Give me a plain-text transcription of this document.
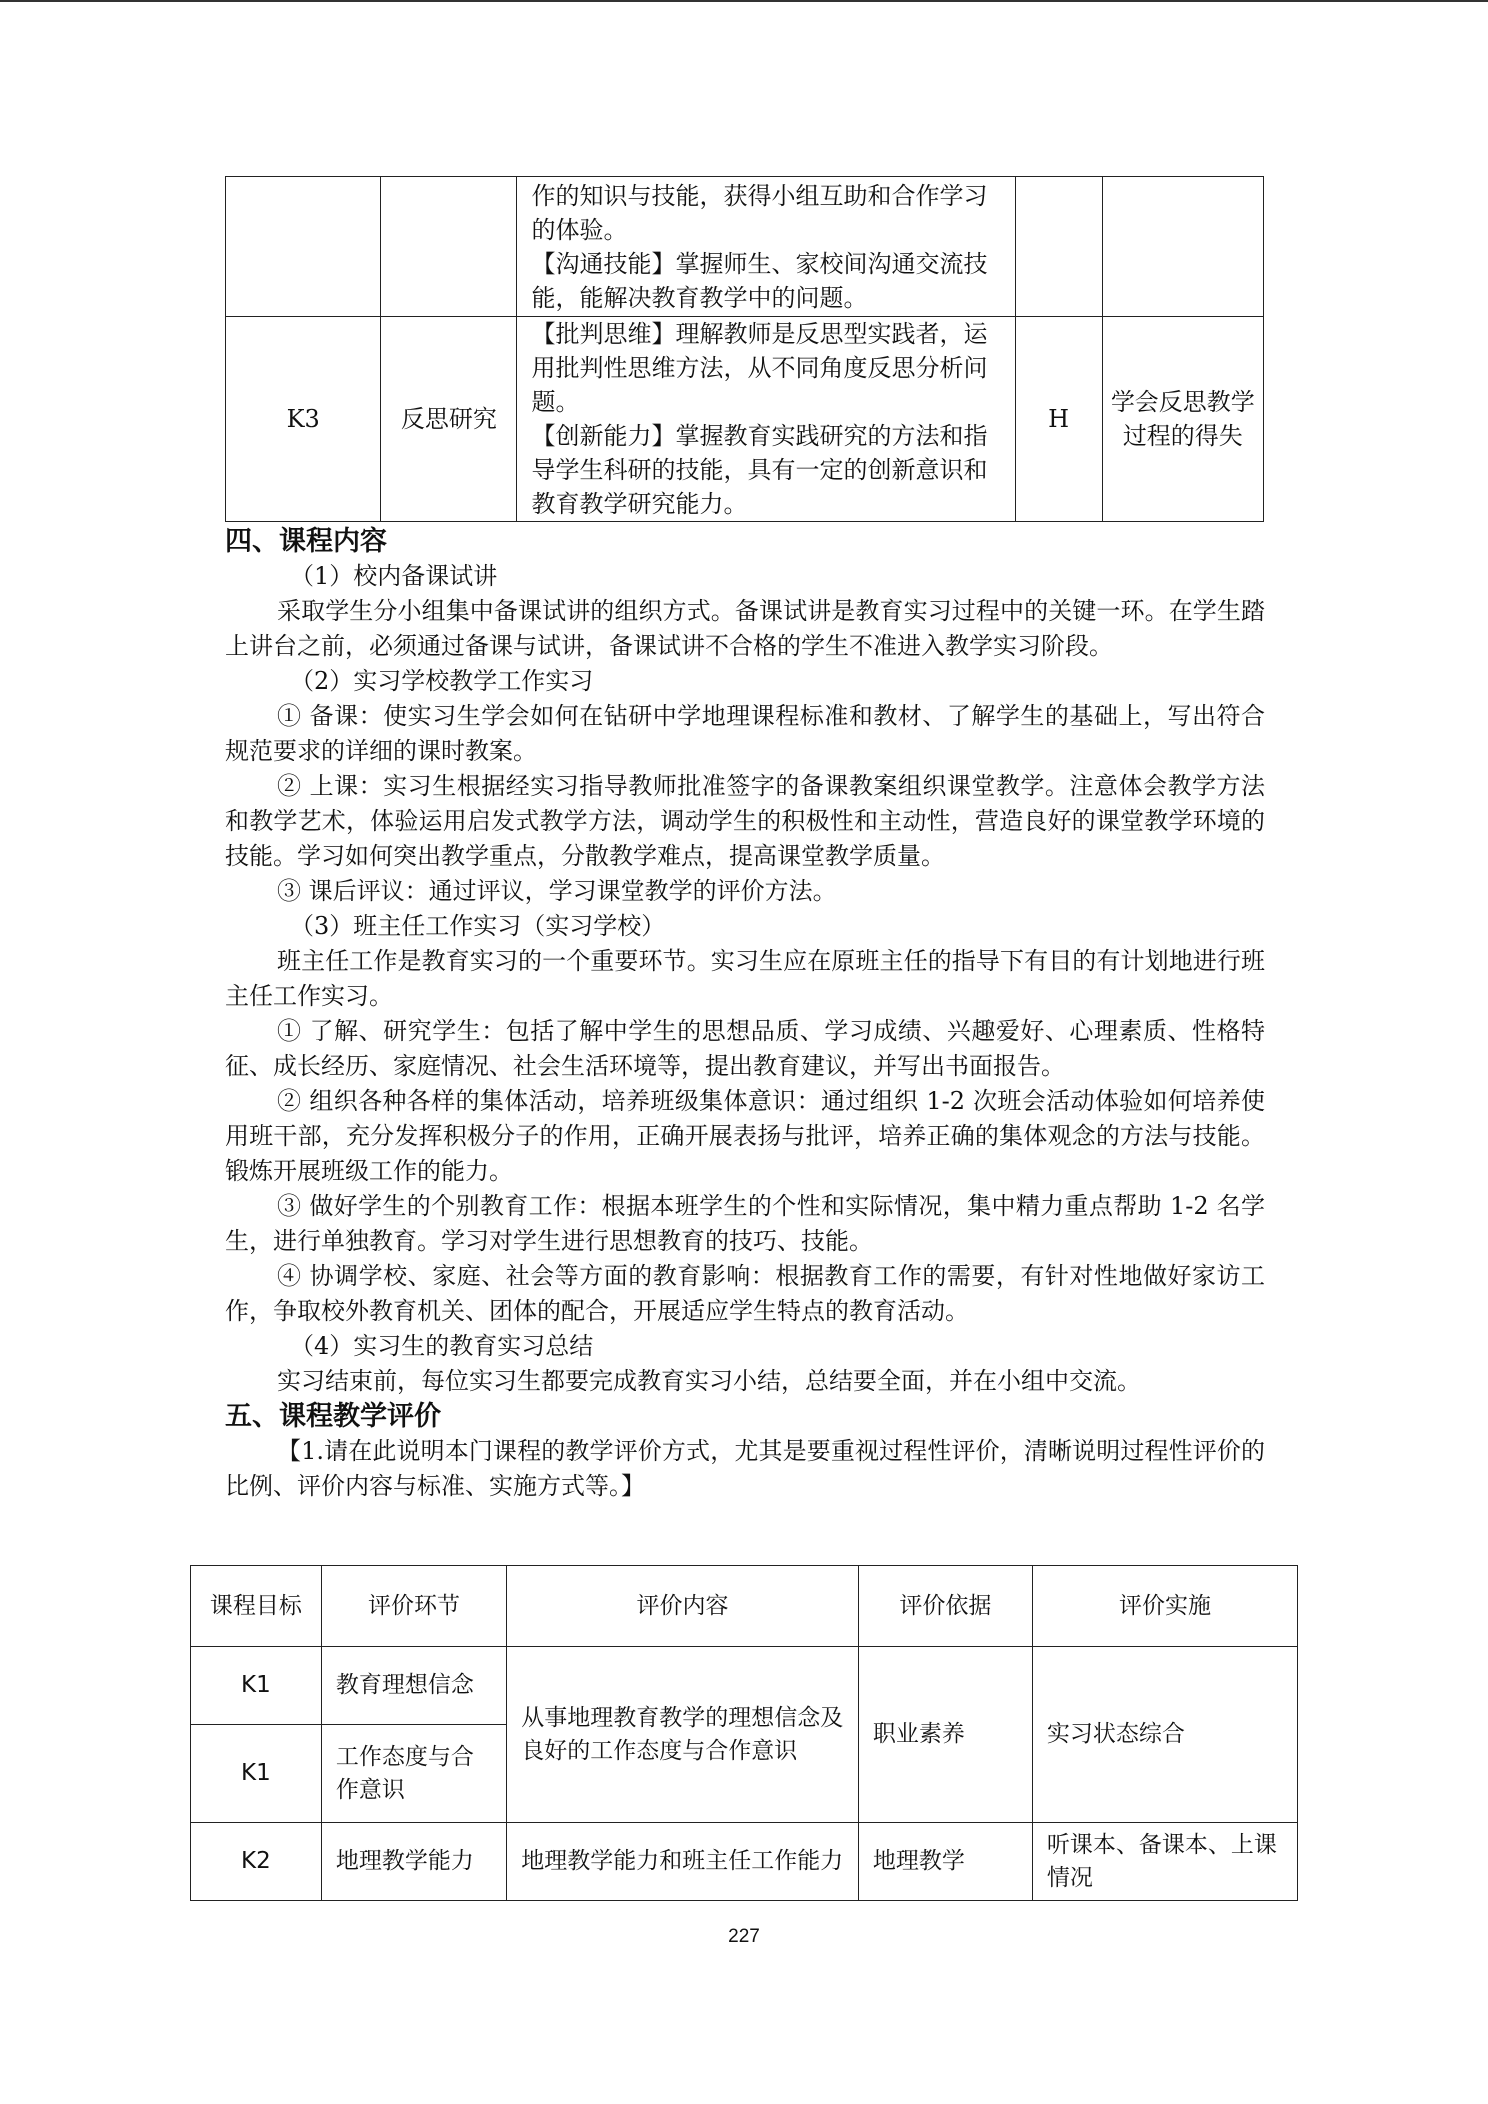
		作的知识与技能，获得小组互助和合作学习的体验。

【沟通技能】掌握师生、家校间沟通交流技能，能解决教育教学中的问题。		

K3	反思研究	【批判思维】理解教师是反思型实践者，运用批判性思维方法，从不同角度反思分析问题。

【创新能力】掌握教育实践研究的方法和指导学生科研的技能，具有一定的创新意识和教育教学研究能力。	H	学会反思教学过程的得失

四、课程内容

（1）校内备课试讲

采取学生分小组集中备课试讲的组织方式。备课试讲是教育实习过程中的关键一环。在学生踏上讲台之前，必须通过备课与试讲，备课试讲不合格的学生不准进入教学实习阶段。

（2）实习学校教学工作实习

① 备课：使实习生学会如何在钻研中学地理课程标准和教材、了解学生的基础上，写出符合规范要求的详细的课时教案。

② 上课：实习生根据经实习指导教师批准签字的备课教案组织课堂教学。注意体会教学方法和教学艺术，体验运用启发式教学方法，调动学生的积极性和主动性，营造良好的课堂教学环境的技能。学习如何突出教学重点，分散教学难点，提高课堂教学质量。

③ 课后评议：通过评议，学习课堂教学的评价方法。

（3）班主任工作实习（实习学校）

班主任工作是教育实习的一个重要环节。实习生应在原班主任的指导下有目的有计划地进行班主任工作实习。

① 了解、研究学生：包括了解中学生的思想品质、学习成绩、兴趣爱好、心理素质、性格特征、成长经历、家庭情况、社会生活环境等，提出教育建议，并写出书面报告。

② 组织各种各样的集体活动，培养班级集体意识：通过组织 1-2 次班会活动体验如何培养使用班干部，充分发挥积极分子的作用，正确开展表扬与批评，培养正确的集体观念的方法与技能。锻炼开展班级工作的能力。

③ 做好学生的个别教育工作：根据本班学生的个性和实际情况，集中精力重点帮助 1-2 名学生，进行单独教育。学习对学生进行思想教育的技巧、技能。

④ 协调学校、家庭、社会等方面的教育影响：根据教育工作的需要，有针对性地做好家访工作，争取校外教育机关、团体的配合，开展适应学生特点的教育活动。

（4）实习生的教育实习总结

实习结束前，每位实习生都要完成教育实习小结，总结要全面，并在小组中交流。

五、课程教学评价

【1.请在此说明本门课程的教学评价方式，尤其是要重视过程性评价，清晰说明过程性评价的比例、评价内容与标准、实施方式等。】

课程目标	评价环节	评价内容	评价依据	评价实施
K1	教育理想信念	从事地理教育教学的理想信念及良好的工作态度与合作意识	职业素养	实习状态综合
K1	工作态度与合作意识			
K2	地理教学能力	地理教学能力和班主任工作能力	地理教学	听课本、备课本、上课情况
227
